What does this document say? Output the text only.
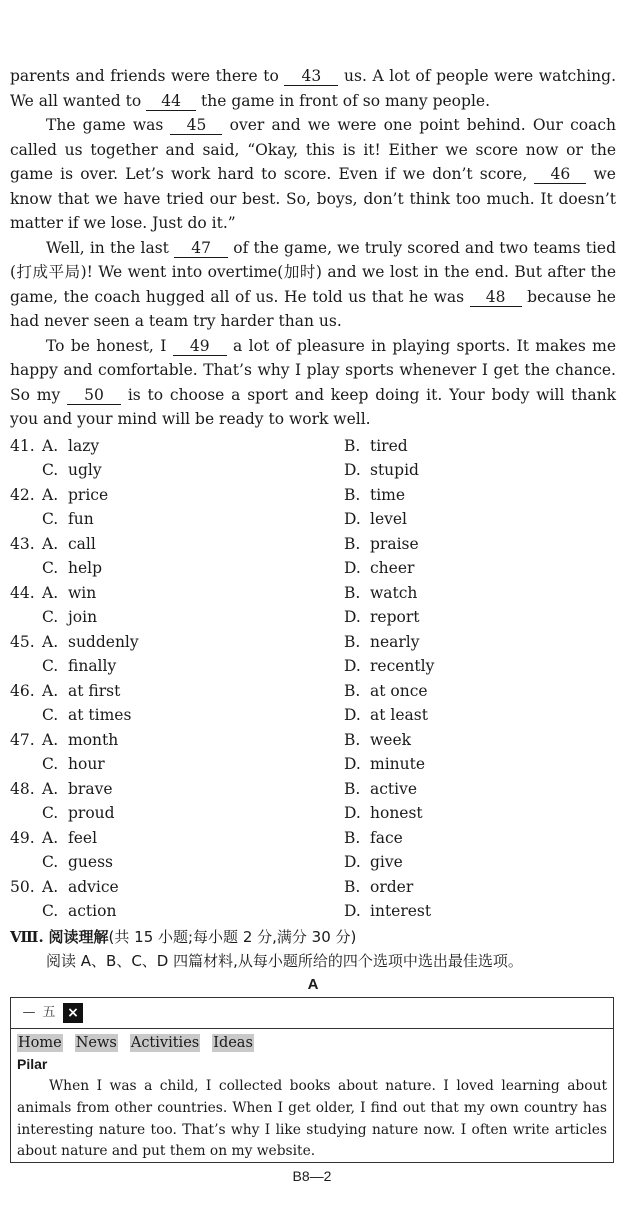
parents and friends were there to 43 us. A lot of people were watching. We all wanted to 44 the game in front of so many people.

The game was 45 over and we were one point behind. Our coach called us together and said, “Okay, this is it! Either we score now or the game is over. Let’s work hard to score. Even if we don’t score, 46 we know that we have tried our best. So, boys, don’t think too much. It doesn’t matter if we lose. Just do it.”

Well, in the last 47 of the game, we truly scored and two teams tied (打成平局)! We went into overtime(加时) and we lost in the end. But after the game, the coach hugged all of us. He told us that he was 48 because he had never seen a team try harder than us.

To be honest, I 49 a lot of pleasure in playing sports. It makes me happy and comfortable. That’s why I play sports whenever I get the chance. So my 50 is to choose a sport and keep doing it. Your body will thank you and your mind will be ready to work well.

41. A. lazy	B. tired
C. ugly	D. stupid
42. A. price	B. time
C. fun	D. level
43. A. call	B. praise
C. help	D. cheer
44. A. win	B. watch
C. join	D. report
45. A. suddenly	B. nearly
C. finally	D. recently
46. A. at first	B. at once
C. at times	D. at least
47. A. month	B. week
C. hour	D. minute
48. A. brave	B. active
C. proud	D. honest
49. A. feel	B. face
C. guess	D. give
50. A. advice	B. order
C. action	D. interest
Ⅷ. 阅读理解(共 15 小题;每小题 2 分,满分 30 分)
阅读 A、B、C、D 四篇材料,从每小题所给的四个选项中选出最佳选项。
A
— 五 ×
Home News Activities Ideas
Pilar

When I was a child, I collected books about nature. I loved learning about animals from other countries. When I get older, I find out that my own country has interesting nature too. That’s why I like studying nature now. I often write articles about nature and put them on my website.

B8—2
